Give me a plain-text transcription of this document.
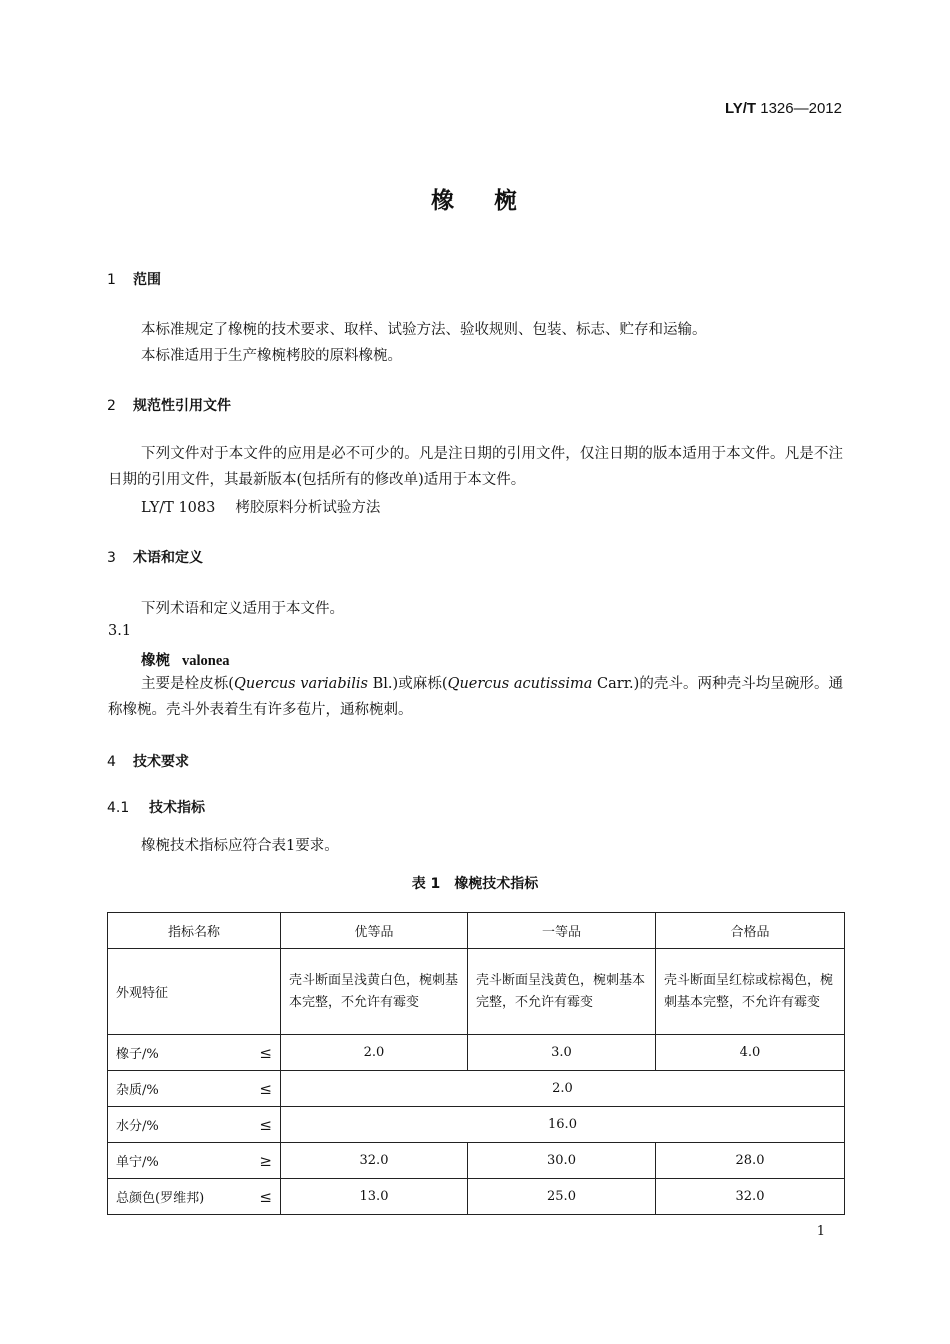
LY/T 1326—2012
橡 椀
1 范围
本标准规定了橡椀的技术要求、取样、试验方法、验收规则、包装、标志、贮存和运输。
本标准适用于生产橡椀栲胶的原料橡椀。
2 规范性引用文件
下列文件对于本文件的应用是必不可少的。凡是注日期的引用文件，仅注日期的版本适用于本文件。凡是不注日期的引用文件，其最新版本(包括所有的修改单)适用于本文件。
LY/T 1083 栲胶原料分析试验方法
3 术语和定义
下列术语和定义适用于本文件。
3.1
橡椀 valonea
主要是栓皮栎(Quercus variabilis Bl.)或麻栎(Quercus acutissima Carr.)的壳斗。两种壳斗均呈碗形。通称橡椀。壳斗外表着生有许多苞片，通称椀刺。
4 技术要求
4.1 技术指标
橡椀技术指标应符合表1要求。
表 1 橡椀技术指标
指标名称	优等品	一等品	合格品
外观特征	壳斗断面呈浅黄白色，椀刺基本完整，不允许有霉变	壳斗断面呈浅黄色，椀刺基本完整，不允许有霉变	壳斗断面呈红棕或棕褐色，椀刺基本完整，不允许有霉变

橡子/% ≤	2.0	3.0	4.0

杂质/% ≤	2.0		

水分/% ≤	16.0		

单宁/% ≥	32.0	30.0	28.0

总颜色(罗维邦) ≤	13.0	25.0	32.0
1
